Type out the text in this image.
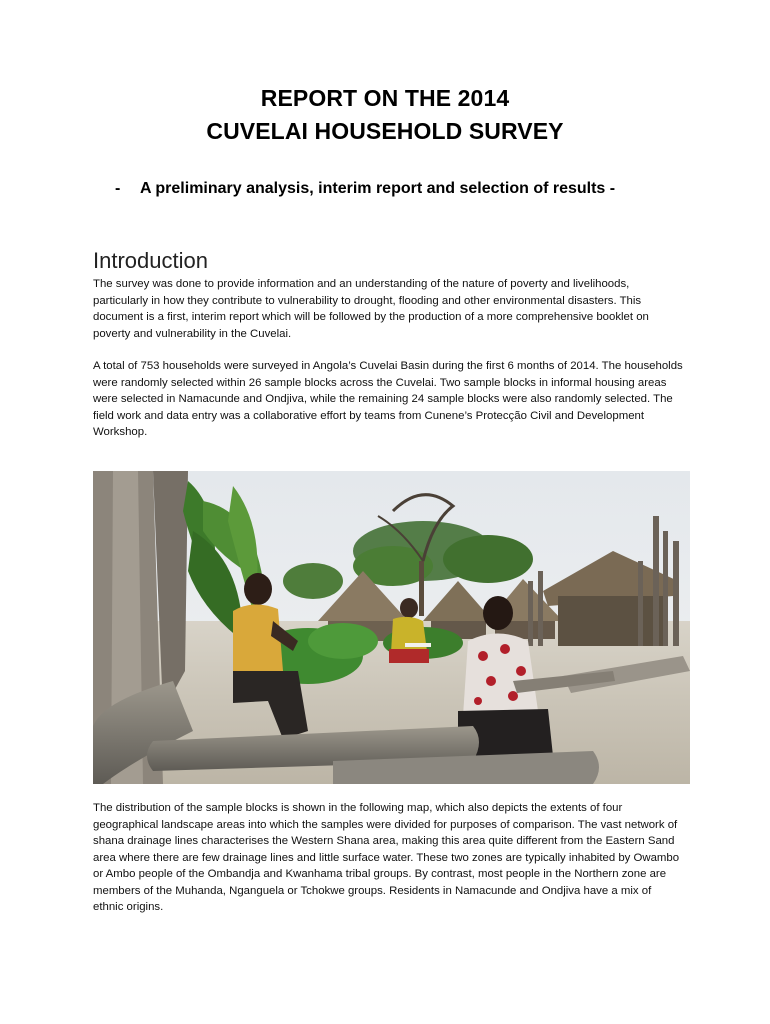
REPORT ON THE 2014
CUVELAI HOUSEHOLD SURVEY
- A preliminary analysis, interim report and selection of results -
Introduction

The survey was done to provide information and an understanding of the nature of poverty and livelihoods, particularly in how they contribute to vulnerability to drought, flooding and other environmental disasters. This document is a first, interim report which will be followed by the production of a more comprehensive booklet on poverty and vulnerability in the Cuvelai.

A total of 753 households were surveyed in Angola’s Cuvelai Basin during the first 6 months of 2014. The households were randomly selected within 26 sample blocks across the Cuvelai. Two sample blocks in informal housing areas were selected in Namacunde and Ondjiva, while the remaining 24 sample blocks were also randomly selected. The field work and data entry was a collaborative effort by teams from Cunene’s Protecção Civil and Development Workshop.

The distribution of the sample blocks is shown in the following map, which also depicts the extents of four geographical landscape areas into which the samples were divided for purposes of comparison. The vast network of shana drainage lines characterises the Western Shana area, making this area quite different from the Eastern Sand area where there are few drainage lines and little surface water. These two zones are typically inhabited by Owambo or Ambo people of the Ombandja and Kwanhama tribal groups. By contrast, most people in the Northern zone are members of the Muhanda, Nganguela or Tchokwe groups. Residents in Namacunde and Ondjiva have a mix of ethnic origins.
